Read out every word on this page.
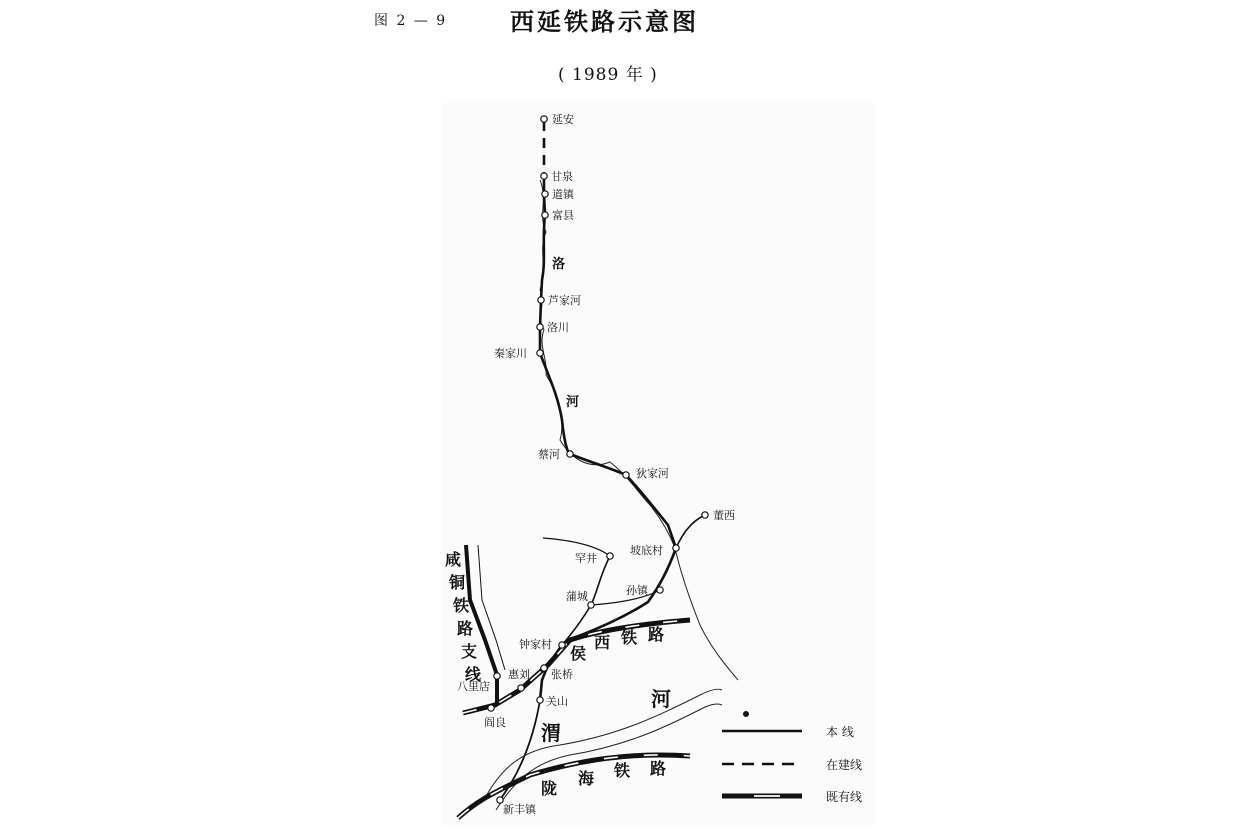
图 2 — 9	西延铁路示意图
( 1989 年 )
延安
甘泉
道镇
富县
芦家河
洛川
秦家川
蔡河
狄家河
董西
坡底村
罕井
孙镇
蒲城
钟家村
张桥
惠刘
八里店
关山
阎良
新丰镇
洛
河
渭
河
侯
西 铁 路
陇
海 铁 路
咸
铜
铁
路
支
线
本 线
在建线
既有线
